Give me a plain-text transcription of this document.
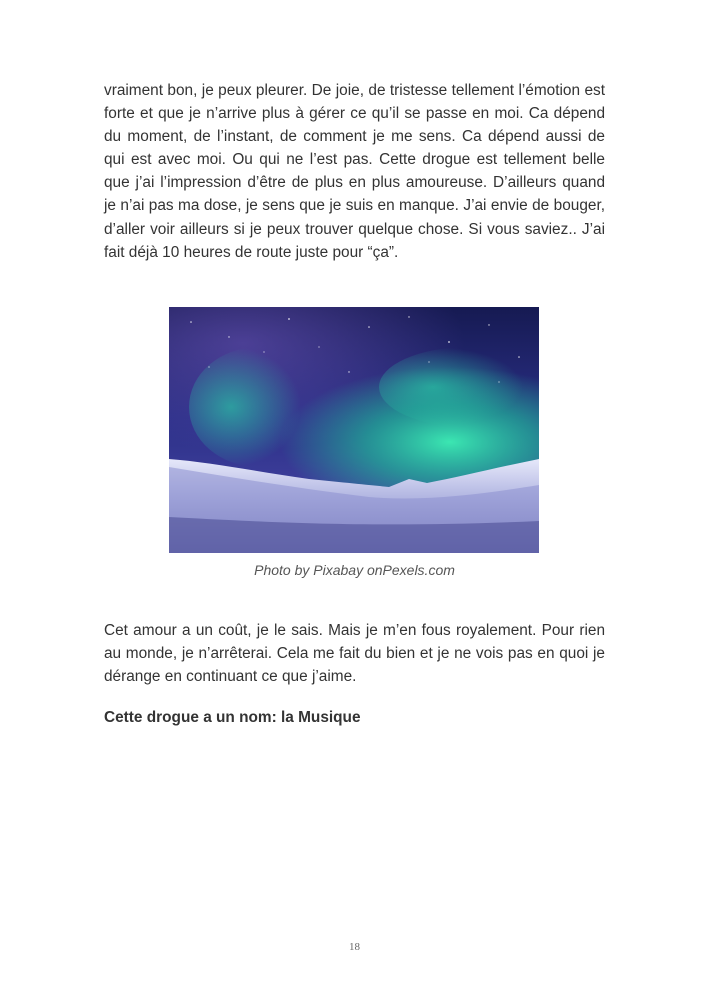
vraiment bon, je peux pleurer. De joie, de tristesse tellement l’émotion est forte et que je n’arrive plus à gérer ce qu’il se passe en moi. Ca dépend du moment, de l’instant, de comment je me sens. Ca dépend aussi de qui est avec moi. Ou qui ne l’est pas. Cette drogue est tellement belle que j’ai l’impression d’être de plus en plus amoureuse. D’ailleurs quand je n’ai pas ma dose, je sens que je suis en manque. J’ai envie de bouger, d’aller voir ailleurs si je peux trouver quelque chose. Si vous saviez.. J’ai fait déjà 10 heures de route juste pour “ça”.

Photo by Pixabay onPexels.com

Cet amour a un coût, je le sais. Mais je m’en fous royalement. Pour rien au monde, je n’arrêterai. Cela me fait du bien et je ne vois pas en quoi je dérange en continuant ce que j’aime.

Cette drogue a un nom: la Musique

18
